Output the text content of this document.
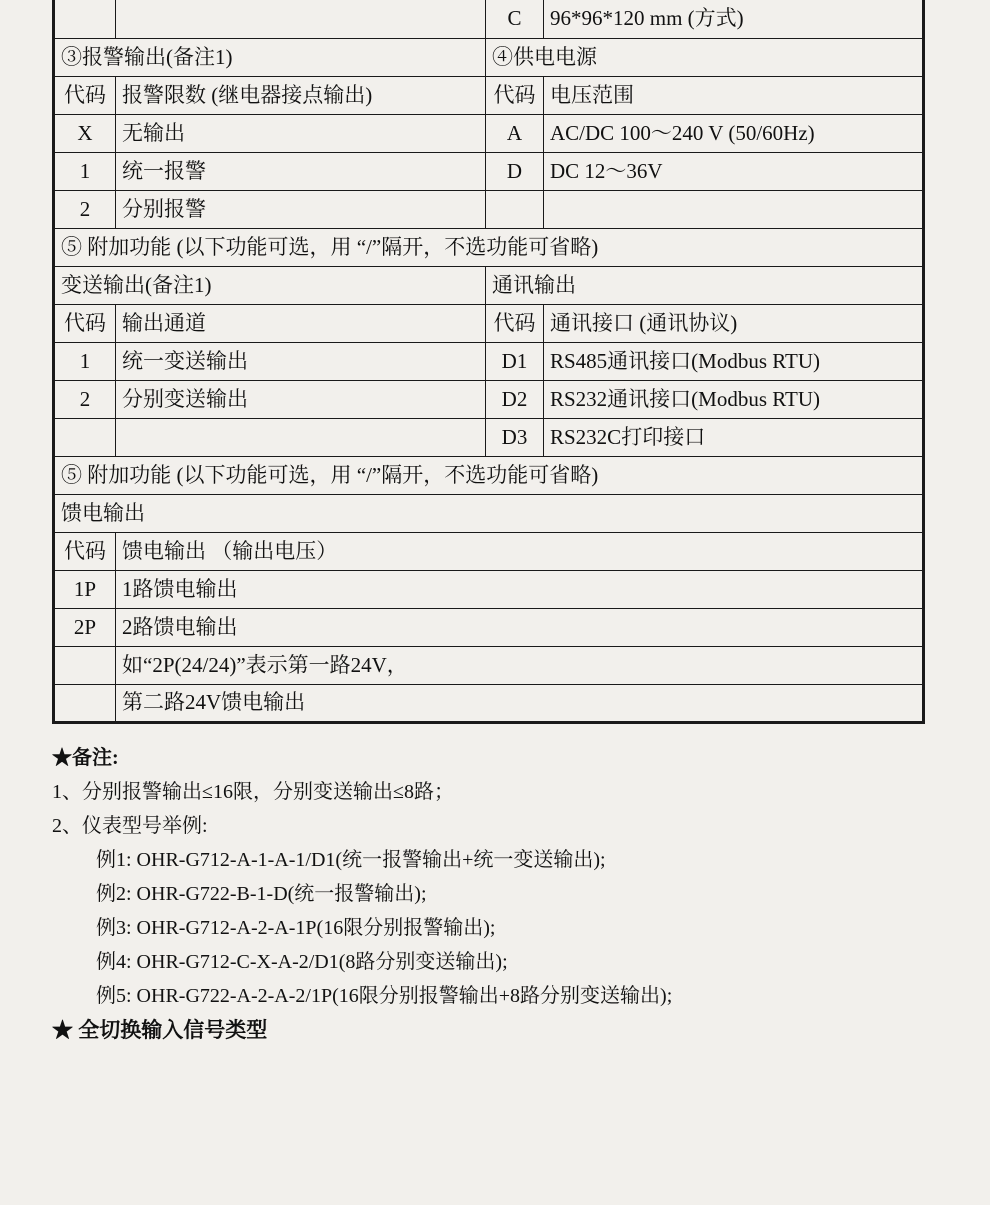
		C	96*96*120 mm (方式)
③报警输出(备注1)		④供电电源	
代码	报警限数 (继电器接点输出)	代码	电压范围
X	无输出	A	AC/DC 100～240 V (50/60Hz)
1	统一报警	D	DC 12～36V
2	分别报警		
⑤ 附加功能 (以下功能可选，用 “/”隔开，不选功能可省略)			
变送输出(备注1)		通讯输出	
代码	输出通道	代码	通讯接口 (通讯协议)
1	统一变送输出	D1	RS485通讯接口(Modbus RTU)
2	分别变送输出	D2	RS232通讯接口(Modbus RTU)
		D3	RS232C打印接口
⑤ 附加功能 (以下功能可选，用 “/”隔开，不选功能可省略)			
馈电输出			
代码	馈电输出 （输出电压）		
1P	1路馈电输出		
2P	2路馈电输出		
	如“2P(24/24)”表示第一路24V，		
	第二路24V馈电输出		
★备注:
1、分别报警输出≤16限，分别变送输出≤8路；
2、仪表型号举例:
例1: OHR-G712-A-1-A-1/D1(统一报警输出+统一变送输出);
例2: OHR-G722-B-1-D(统一报警输出);
例3: OHR-G712-A-2-A-1P(16限分别报警输出);
例4: OHR-G712-C-X-A-2/D1(8路分别变送输出);
例5: OHR-G722-A-2-A-2/1P(16限分别报警输出+8路分别变送输出);
★ 全切换输入信号类型
